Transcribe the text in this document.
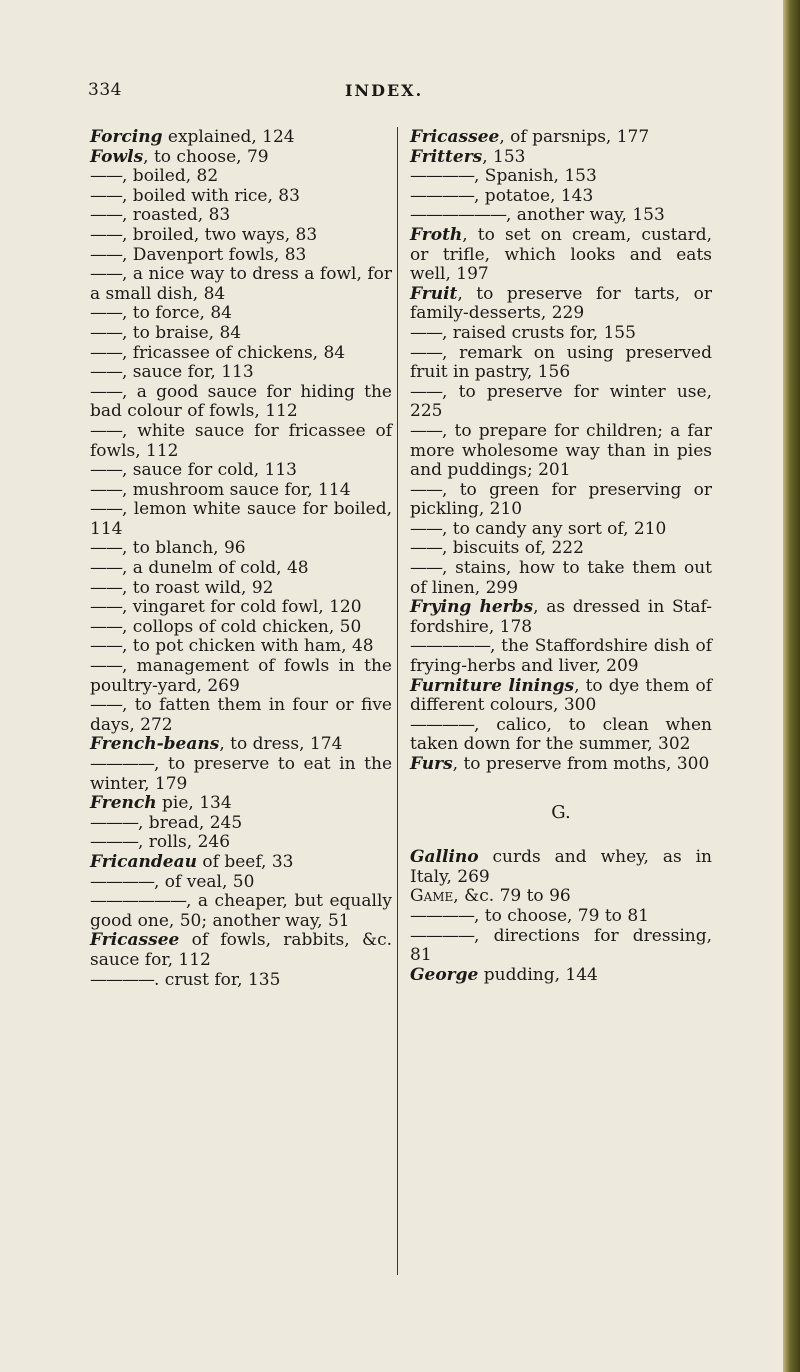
334	INDEX.
Forcing explained, 124
Fowls, to choose, 79
——, boiled, 82
——, boiled with rice, 83
——, roasted, 83
——, broiled, two ways, 83
——, Davenport fowls, 83
——, a nice way to dress a fowl, for a small dish, 84
——, to force, 84
——, to braise, 84
——, fricassee of chickens, 84
——, sauce for, 113
——, a good sauce for hiding the bad colour of fowls, 112
——, white sauce for fricassee of fowls, 112
——, sauce for cold, 113
——, mushroom sauce for, 114
——, lemon white sauce for boiled, 114
——, to blanch, 96
——, a dunelm of cold, 48
——, to roast wild, 92
——, vingaret for cold fowl, 120
——, collops of cold chicken, 50
——, to pot chicken with ham, 48
——, management of fowls in the poultry-yard, 269
——, to fatten them in four or five days, 272
French-beans, to dress, 174
————, to preserve to eat in the winter, 179
French pie, 134
———, bread, 245
———, rolls, 246
Fricandeau of beef, 33
————, of veal, 50
——————, a cheaper, but equally good one, 50; another way, 51
Fricassee of fowls, rabbits, &c. sauce for, 112
————. crust for, 135
Fricassee, of parsnips, 177
Fritters, 153
————, Spanish, 153
————, potatoe, 143
——————, another way, 153
Froth, to set on cream, custard, or trifle, which looks and eats well, 197
Fruit, to preserve for tarts, or family-desserts, 229
——, raised crusts for, 155
——, remark on using preserved fruit in pastry, 156
——, to preserve for winter use, 225
——, to prepare for children; a far more wholesome way than in pies and puddings; 201
——, to green for preserving or pickling, 210
——, to candy any sort of, 210
——, biscuits of, 222
——, stains, how to take them out of linen, 299
Frying herbs, as dressed in Staf-fordshire, 178
—————, the Staffordshire dish of frying-herbs and liver, 209
Furniture linings, to dye them of different colours, 300
————, calico, to clean when taken down for the summer, 302
Furs, to preserve from moths, 300
G.
Gallino curds and whey, as in Italy, 269
Game, &c. 79 to 96
————, to choose, 79 to 81
————, directions for dressing, 81
George pudding, 144
